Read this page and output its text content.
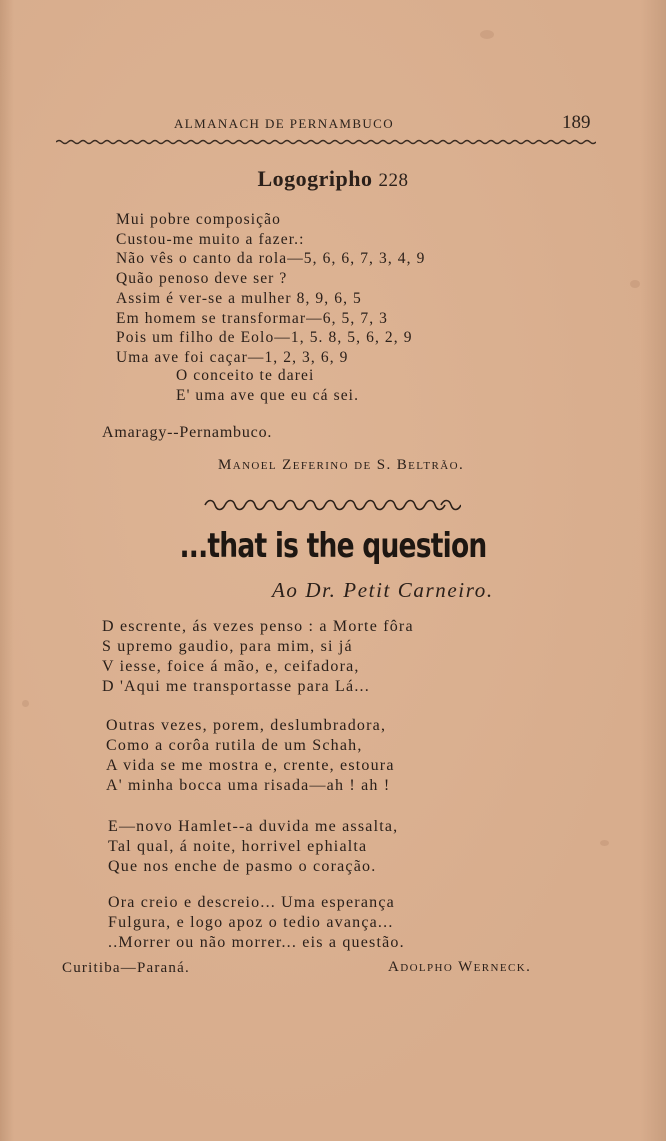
ALMANACH DE PERNAMBUCO	189
Logogripho 228
Mui pobre composição
Custou-me muito a fazer.:
Não vês o canto da rola—5, 6, 6, 7, 3, 4, 9
Quão penoso deve ser ?
Assim é ver-se a mulher 8, 9, 6, 5
Em homem se transformar—6, 5, 7, 3
Pois um filho de Eolo—1, 5. 8, 5, 6, 2, 9
Uma ave foi caçar—1, 2, 3, 6, 9
O conceito te darei
E' uma ave que eu cá sei.
Amaragy--Pernambuco.
Manoel Zeferino de S. Beltrão.
...that is the question
Ao Dr. Petit Carneiro.
D escrente, ás vezes penso : a Morte fôra
S upremo gaudio, para mim, si já
V iesse, foice á mão, e, ceifadora,
D 'Aqui me transportasse para Lá...
Outras vezes, porem, deslumbradora,
Como a corôa rutila de um Schah,
A vida se me mostra e, crente, estoura
A' minha bocca uma risada—ah ! ah !
E—novo Hamlet--a duvida me assalta,
Tal qual, á noite, horrivel ephialta
Que nos enche de pasmo o coração.
Ora creio e descreio... Uma esperança
Fulgura, e logo apoz o tedio avança...
..Morrer ou não morrer... eis a questão.
Curitiba—Paraná.	Adolpho Werneck.
